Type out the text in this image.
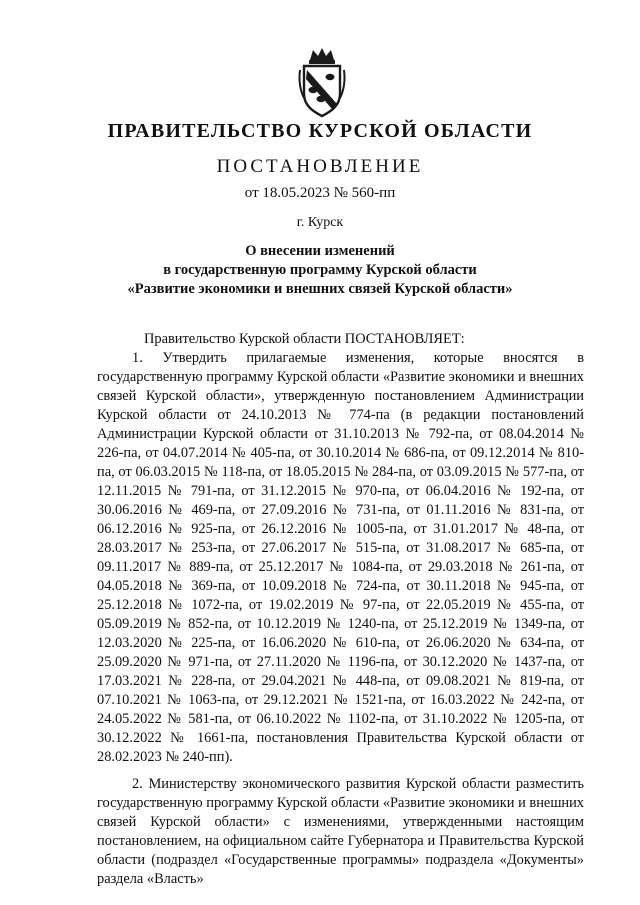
ПРАВИТЕЛЬСТВО КУРСКОЙ ОБЛАСТИ
ПОСТАНОВЛЕНИЕ
от 18.05.2023 № 560-пп
г. Курск
О внесении изменений
в государственную программу Курской области
«Развитие экономики и внешних связей Курской области»

Правительство Курской области ПОСТАНОВЛЯЕТ:

1. Утвердить прилагаемые изменения, которые вносятся в государственную программу Курской области «Развитие экономики и внешних связей Курской области», утвержденную постановлением Администрации Курской области от 24.10.2013 № 774-па (в редакции постановлений Администрации Курской области от 31.10.2013 № 792-па, от 08.04.2014 № 226-па, от 04.07.2014 № 405-па, от 30.10.2014 № 686-па, от 09.12.2014 № 810-па, от 06.03.2015 № 118-па, от 18.05.2015 № 284-па, от 03.09.2015 № 577-па, от 12.11.2015 № 791-па, от 31.12.2015 № 970-па, от 06.04.2016 № 192-па, от 30.06.2016 № 469-па, от 27.09.2016 № 731-па, от 01.11.2016 № 831-па, от 06.12.2016 № 925-па, от 26.12.2016 № 1005-па, от 31.01.2017 № 48-па, от 28.03.2017 № 253-па, от 27.06.2017 № 515-па, от 31.08.2017 № 685-па, от 09.11.2017 № 889-па, от 25.12.2017 № 1084-па, от 29.03.2018 № 261-па, от 04.05.2018 № 369-па, от 10.09.2018 № 724-па, от 30.11.2018 № 945-па, от 25.12.2018 № 1072-па, от 19.02.2019 № 97-па, от 22.05.2019 № 455-па, от 05.09.2019 № 852-па, от 10.12.2019 № 1240-па, от 25.12.2019 № 1349-па, от 12.03.2020 № 225-па, от 16.06.2020 № 610-па, от 26.06.2020 № 634-па, от 25.09.2020 № 971-па, от 27.11.2020 № 1196-па, от 30.12.2020 № 1437-па, от 17.03.2021 № 228-па, от 29.04.2021 № 448-па, от 09.08.2021 № 819-па, от 07.10.2021 № 1063-па, от 29.12.2021 № 1521-па, от 16.03.2022 № 242-па, от 24.05.2022 № 581-па, от 06.10.2022 № 1102-па, от 31.10.2022 № 1205-па, от 30.12.2022 № 1661-па, постановления Правительства Курской области от 28.02.2023 № 240-пп).

2. Министерству экономического развития Курской области разместить государственную программу Курской области «Развитие экономики и внешних связей Курской области» с изменениями, утвержденными настоящим постановлением, на официальном сайте Губернатора и Правительства Курской области (подраздел «Государственные программы» подраздела «Документы» раздела «Власть»
